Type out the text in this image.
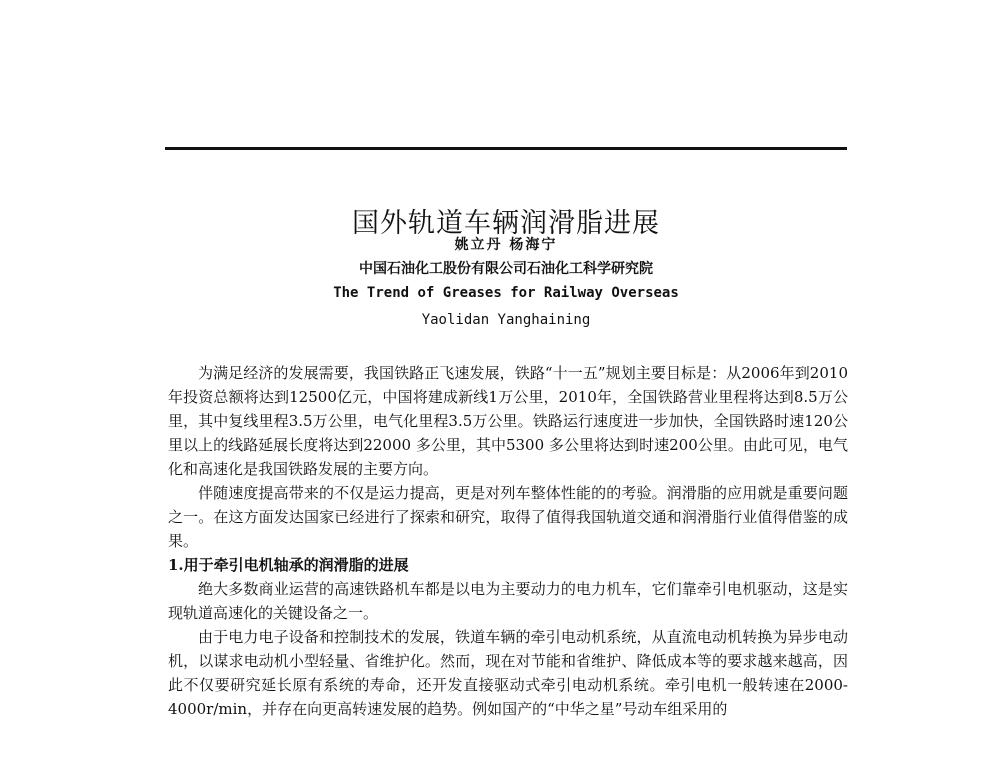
国外轨道车辆润滑脂进展
姚立丹 杨海宁
中国石油化工股份有限公司石油化工科学研究院
The Trend of Greases for Railway Overseas
Yaolidan Yanghaining

为满足经济的发展需要，我国铁路正飞速发展，铁路“十一五”规划主要目标是：从2006年到2010年投资总额将达到12500亿元，中国将建成新线1万公里，2010年，全国铁路营业里程将达到8.5万公里，其中复线里程3.5万公里，电气化里程3.5万公里。铁路运行速度进一步加快，全国铁路时速120公里以上的线路延展长度将达到22000 多公里，其中5300 多公里将达到时速200公里。由此可见，电气化和高速化是我国铁路发展的主要方向。

伴随速度提高带来的不仅是运力提高，更是对列车整体性能的的考验。润滑脂的应用就是重要问题之一。在这方面发达国家已经进行了探索和研究，取得了值得我国轨道交通和润滑脂行业值得借鉴的成果。

1.用于牵引电机轴承的润滑脂的进展

绝大多数商业运营的高速铁路机车都是以电为主要动力的电力机车，它们靠牵引电机驱动，这是实现轨道高速化的关键设备之一。

由于电力电子设备和控制技术的发展，铁道车辆的牵引电动机系统，从直流电动机转换为异步电动机，以谋求电动机小型轻量、省维护化。然而，现在对节能和省维护、降低成本等的要求越来越高，因此不仅要研究延长原有系统的寿命，还开发直接驱动式牵引电动机系统。牵引电机一般转速在2000-4000r/min，并存在向更高转速发展的趋势。例如国产的“中华之星”号动车组采用的
